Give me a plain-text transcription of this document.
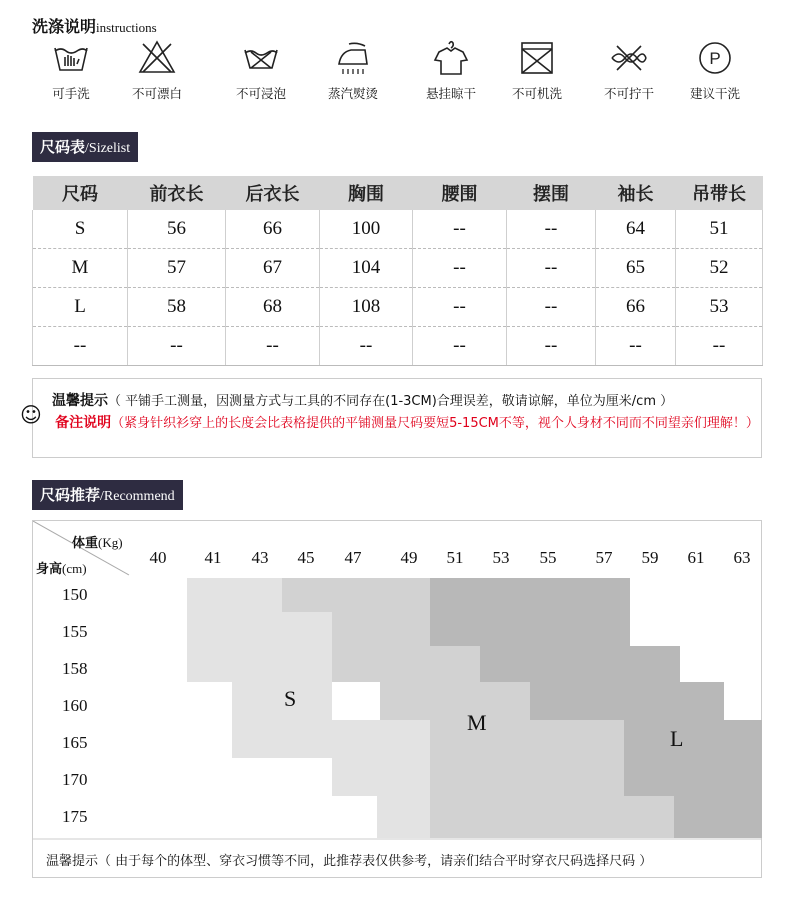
洗涤说明instructions
可手洗	不可漂白	不可浸泡	蒸汽熨烫	悬挂晾干	不可机洗	不可拧干
P
建议干洗
尺码表/Sizelist
尺码	前衣长	后衣长	胸围	腰围	摆围	袖长	吊带长
S	56	66	100	--	--	64	51
M	57	67	104	--	--	65	52
L	58	68	108	--	--	66	53
--	--	--	--	--	--	--	--
☺
温馨提示（ 平铺手工测量，因测量方式与工具的不同存在(1-3CM)合理误差，敬请谅解，单位为厘米/cm ）
备注说明（紧身针织衫穿上的长度会比表格提供的平铺测量尺码要短5-15CM不等，视个人身材不同而不同望亲们理解！）
尺码推荐/Recommend
体重(Kg)
身高(cm)
S
M
L
40 41 43 45 47 49 51 53 55 57 59 61 63
150
155
158
160
165
170
175
温馨提示（ 由于每个的体型、穿衣习惯等不同，此推荐表仅供参考，请亲们结合平时穿衣尺码选择尺码 ）
